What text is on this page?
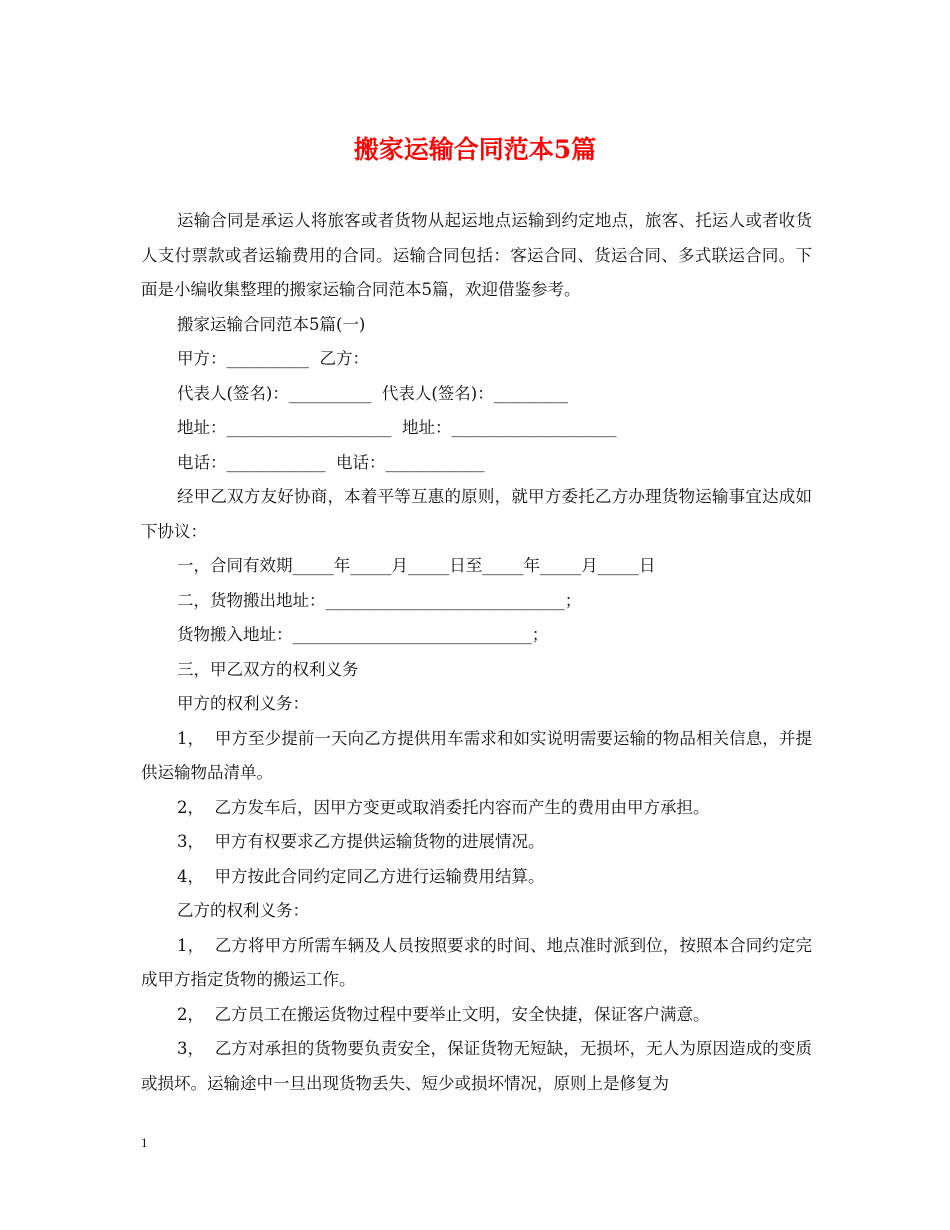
搬家运输合同范本5篇

运输合同是承运人将旅客或者货物从起运地点运输到约定地点，旅客、托运人或者收货人支付票款或者运输费用的合同。运输合同包括：客运合同、货运合同、多式联运合同。下面是小编收集整理的搬家运输合同范本5篇，欢迎借鉴参考。

搬家运输合同范本5篇(一)

甲方：__________  乙方：

代表人(签名)：__________  代表人(签名)：_________

地址：____________________  地址：____________________

电话：____________  电话：____________

经甲乙双方友好协商，本着平等互惠的原则，就甲方委托乙方办理货物运输事宜达成如下协议：

一，合同有效期_____年_____月_____日至_____年_____月_____日

二，货物搬出地址：_____________________________；

货物搬入地址：_____________________________；

三，甲乙双方的权利义务

甲方的权利义务：

1，  甲方至少提前一天向乙方提供用车需求和如实说明需要运输的物品相关信息，并提供运输物品清单。

2，  乙方发车后，因甲方变更或取消委托内容而产生的费用由甲方承担。

3，  甲方有权要求乙方提供运输货物的进展情况。

4，  甲方按此合同约定同乙方进行运输费用结算。

乙方的权利义务：

1，  乙方将甲方所需车辆及人员按照要求的时间、地点准时派到位，按照本合同约定完成甲方指定货物的搬运工作。

2，  乙方员工在搬运货物过程中要举止文明，安全快捷，保证客户满意。

3，  乙方对承担的货物要负责安全，保证货物无短缺，无损坏，无人为原因造成的变质或损坏。运输途中一旦出现货物丢失、短少或损坏情况，原则上是修复为

1
